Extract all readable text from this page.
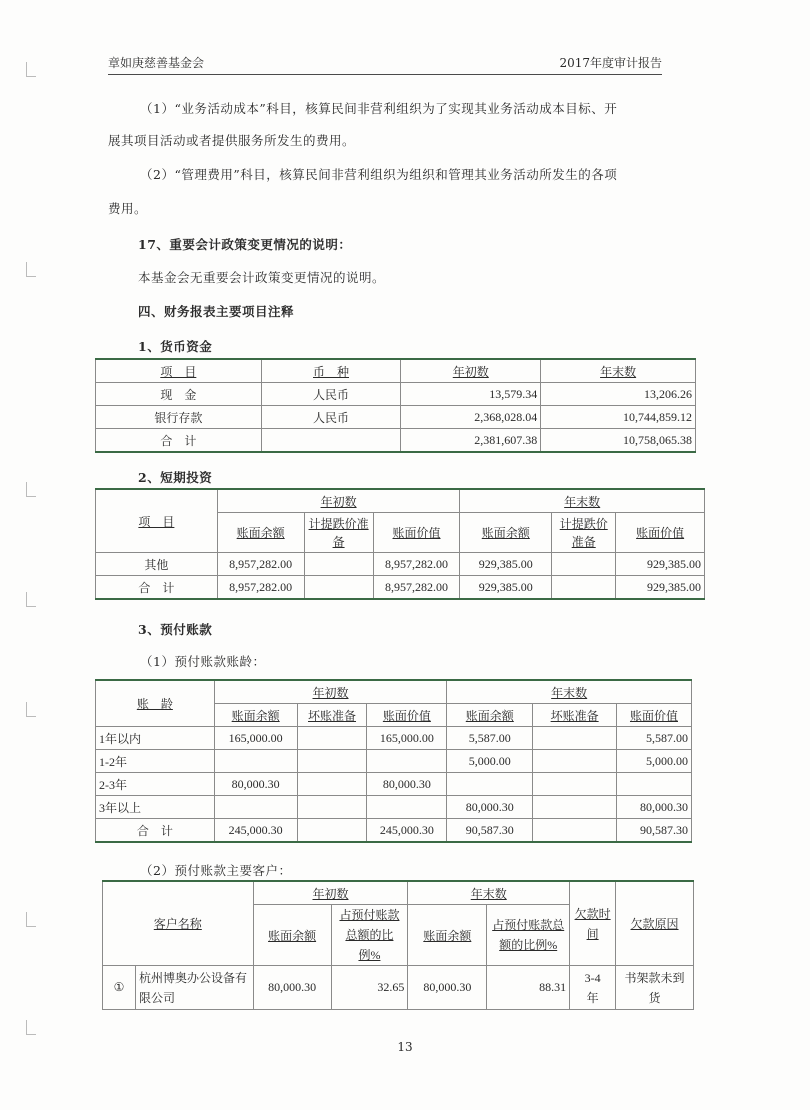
章如庚慈善基金会	2017年度审计报告
（1）“业务活动成本”科目，核算民间非营利组织为了实现其业务活动成本目标、开
展其项目活动或者提供服务所发生的费用。
（2）“管理费用”科目，核算民间非营利组织为组织和管理其业务活动所发生的各项
费用。
17、重要会计政策变更情况的说明：
本基金会无重要会计政策变更情况的说明。
四、财务报表主要项目注释
1、货币资金
项　目	币　种	年初数	年末数
现　金	人民币	13,579.34	13,206.26
银行存款	人民币	2,368,028.04	10,744,859.12
合　计		2,381,607.38	10,758,065.38
2、短期投资
项　目	年初数			年末数		
	账面余额	计提跌价准备	账面价值	账面余额	计提跌价准备	账面价值
其他	8,957,282.00		8,957,282.00	929,385.00		929,385.00
合　计	8,957,282.00		8,957,282.00	929,385.00		929,385.00
3、预付账款
（1）预付账款账龄：
账　龄	年初数			年末数		
	账面余额	坏账准备	账面价值	账面余额	坏账准备	账面价值
1年以内	165,000.00		165,000.00	5,587.00		5,587.00
1-2年				5,000.00		5,000.00
2-3年	80,000.30		80,000.30			
3年以上				80,000.30		80,000.30
合　计	245,000.30		245,000.30	90,587.30		90,587.30
（2）预付账款主要客户：
客户名称		年初数		年末数		欠款时间	欠款原因
		账面余额	占预付账款总额的比例%	账面余额	占预付账款总额的比例%		
①	杭州博奥办公设备有限公司	80,000.30	32.65	80,000.30	88.31	3-4年	书架款未到货
13
